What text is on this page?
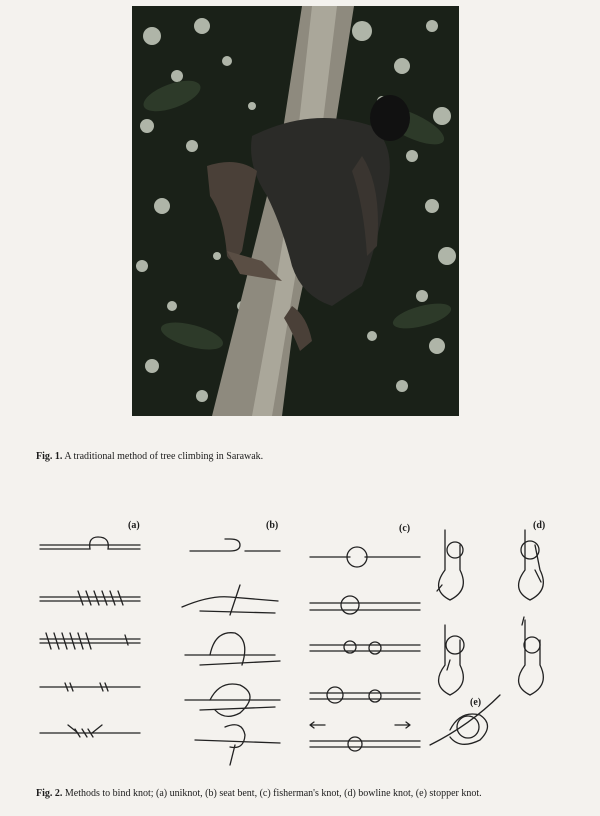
Fig. 1. A traditional method of tree climbing in Sarawak.
(a)	(b)	(c)	(d)
(e)
Fig. 2. Methods to bind knot; (a) uniknot, (b) seat bent, (c) fisherman's knot, (d) bowline knot, (e) stopper knot.
